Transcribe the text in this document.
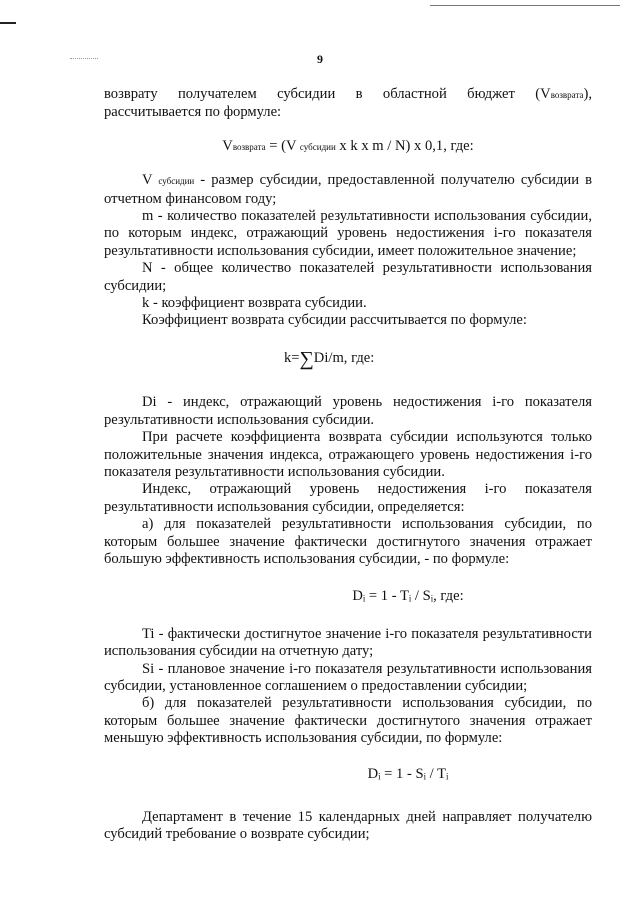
9

возврату получателем субсидии в областной бюджет (Vвозврата),

рассчитывается по формуле:

Vвозврата = (V субсидии x k x m / N) x 0,1, где:

V субсидии - размер субсидии, предоставленной получателю субсидии в отчетном финансовом году;

m - количество показателей результативности использования субсидии, по которым индекс, отражающий уровень недостижения i-го показателя результативности использования субсидии, имеет положительное значение;

N - общее количество показателей результативности использования субсидии;

k - коэффициент возврата субсидии.

Коэффициент возврата субсидии рассчитывается по формуле:

k=∑Di/m, где:

Di - индекс, отражающий уровень недостижения i-го показателя результативности использования субсидии.

При расчете коэффициента возврата субсидии используются только положительные значения индекса, отражающего уровень недостижения i-го показателя результативности использования субсидии.

Индекс, отражающий уровень недостижения i-го показателя результативности использования субсидии, определяется:

а) для показателей результативности использования субсидии, по которым большее значение фактически достигнутого значения отражает большую эффективность использования субсидии, - по формуле:

Dᵢ = 1 - Tᵢ / Sᵢ, где:

Ti - фактически достигнутое значение i-го показателя результативности использования субсидии на отчетную дату;

Si - плановое значение i-го показателя результативности использования субсидии, установленное соглашением о предоставлении субсидии;

б) для показателей результативности использования субсидии, по которым большее значение фактически достигнутого значения отражает меньшую эффективность использования субсидии, по формуле:

Dᵢ = 1 - Sᵢ / Tᵢ

Департамент в течение 15 календарных дней направляет получателю субсидий требование о возврате субсидии;
